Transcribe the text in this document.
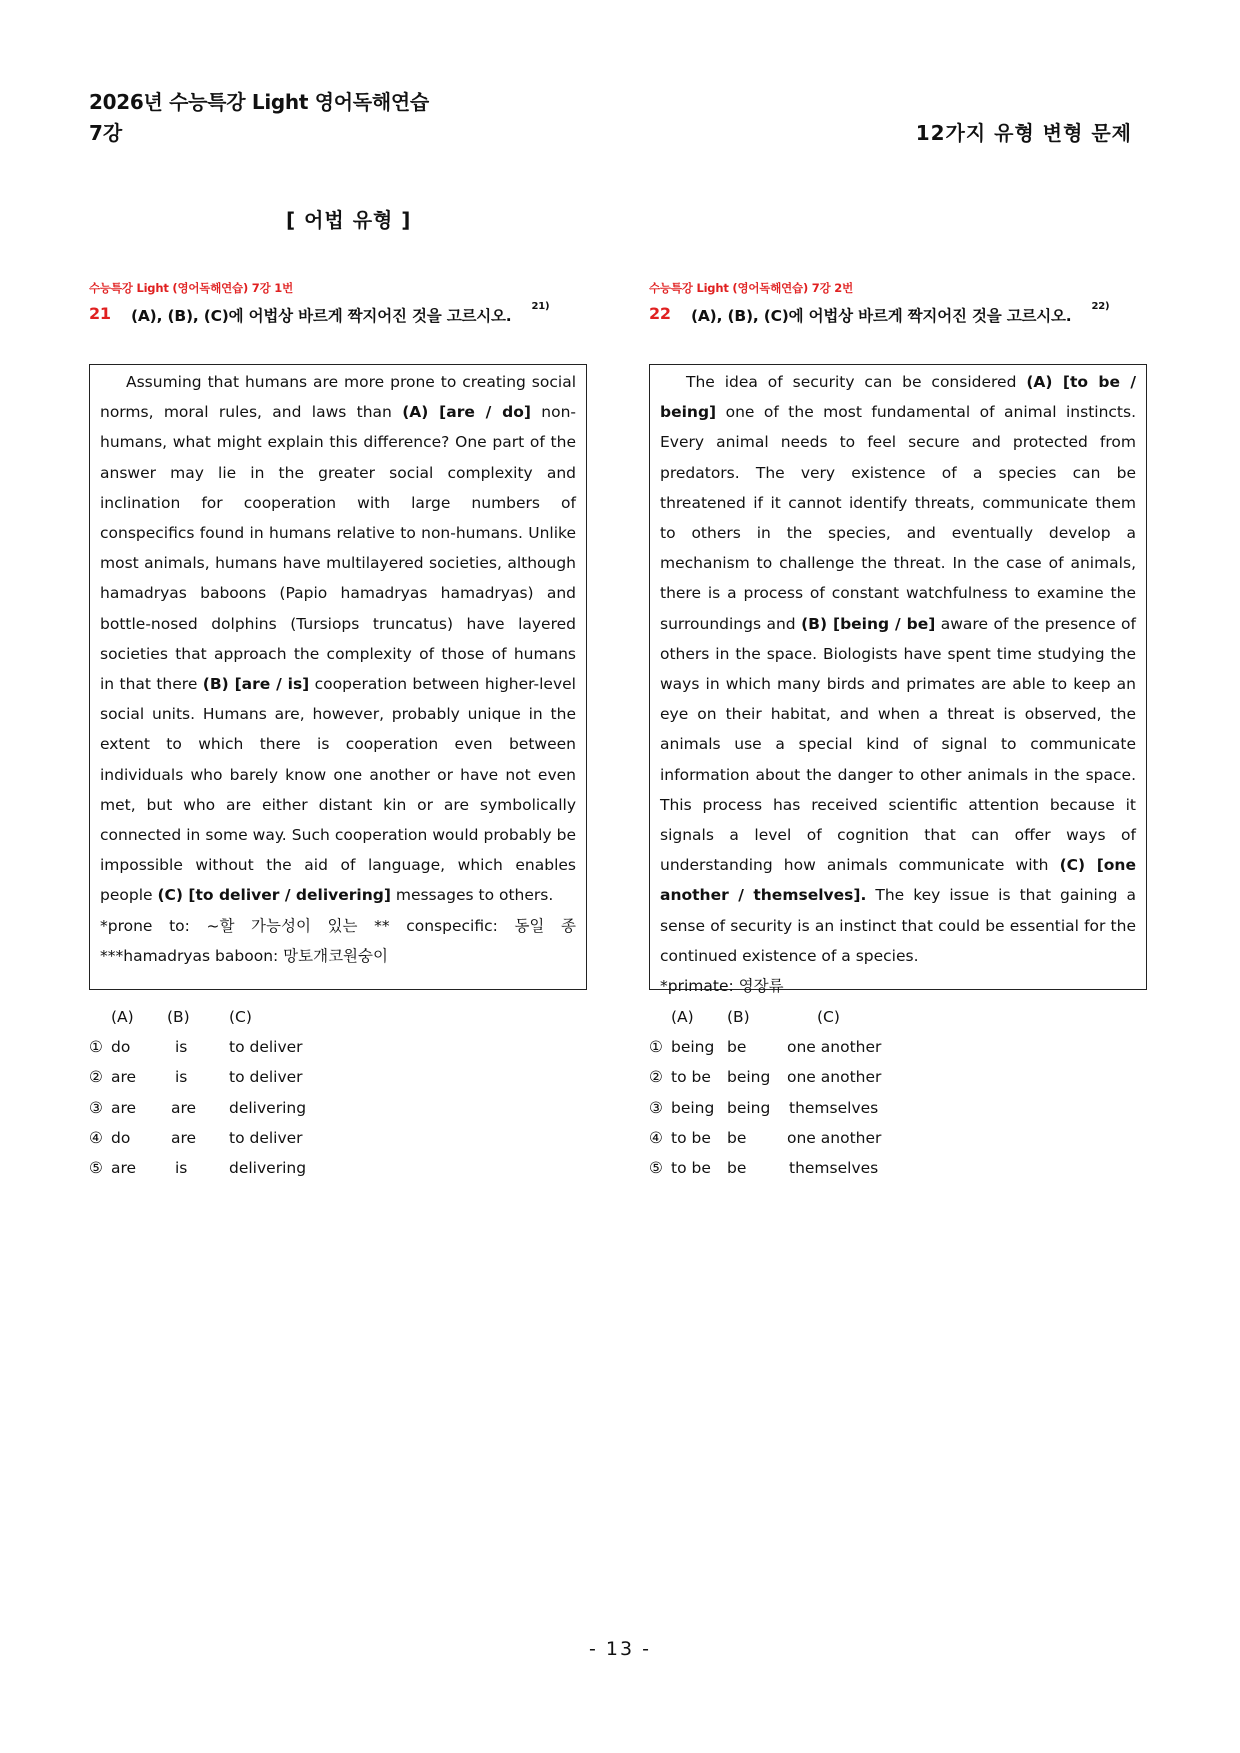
2026년 수능특강 Light 영어독해연습
7강	12가지 유형 변형 문제
[ 어법 유형 ]
수능특강 Light (영어독해연습) 7강 1번
21	(A), (B), (C)에 어법상 바르게 짝지어진 것을 고르시오.
$^{21)}$

Assuming that humans are more prone to creating social norms, moral rules, and laws than (A) [are / do] non-humans, what might explain this difference? One part of the answer may lie in the greater social complexity and inclination for cooperation with large numbers of conspecifics found in humans relative to non-humans. Unlike most animals, humans have multilayered societies, although hamadryas baboons (Papio hamadryas hamadryas) and bottle-nosed dolphins (Tursiops truncatus) have layered societies that approach the complexity of those of humans in that there (B) [are / is] cooperation between higher-level social units. Humans are, however, probably unique in the extent to which there is cooperation even between individuals who barely know one another or have not even met, but who are either distant kin or are symbolically connected in some way. Such cooperation would probably be impossible without the aid of language, which enables people (C) [to deliver / delivering] messages to others.

*prone to: ~할 가능성이 있는 ** conspecific: 동일 종

***hamadryas baboon: 망토개코원숭이

	(A)	(B)	(C)
①	do	is	to deliver
②	are	is	to deliver
③	are	are	delivering
④	do	are	to deliver
⑤	are	is	delivering
수능특강 Light (영어독해연습) 7강 2번
22	(A), (B), (C)에 어법상 바르게 짝지어진 것을 고르시오.
$^{22)}$

The idea of security can be considered (A) [to be / being] one of the most fundamental of animal instincts. Every animal needs to feel secure and protected from predators. The very existence of a species can be threatened if it cannot identify threats, communicate them to others in the species, and eventually develop a mechanism to challenge the threat. In the case of animals, there is a process of constant watchfulness to examine the surroundings and (B) [being / be] aware of the presence of others in the space. Biologists have spent time studying the ways in which many birds and primates are able to keep an eye on their habitat, and when a threat is observed, the animals use a special kind of signal to communicate information about the danger to other animals in the space. This process has received scientific attention because it signals a level of cognition that can offer ways of understanding how animals communicate with (C) [one another / themselves]. The key issue is that gaining a sense of security is an instinct that could be essential for the continued existence of a species.

*primate: 영장류

	(A)	(B)	(C)
①	being	be	one another
②	to be	being	one another
③	being	being	themselves
④	to be	be	one another
⑤	to be	be	themselves
- 13 -
